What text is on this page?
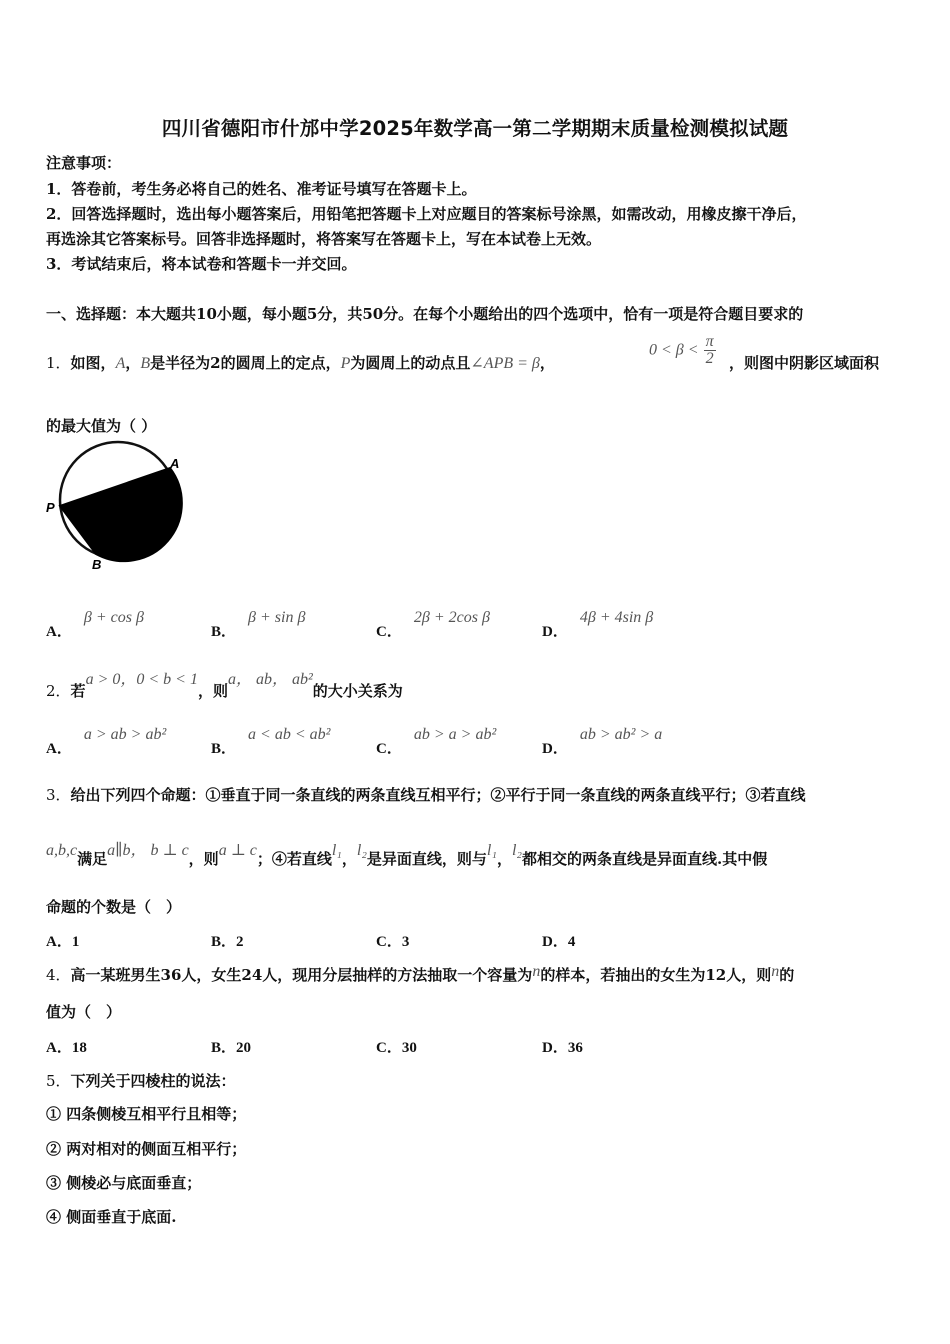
四川省德阳市什邡中学2025年数学高一第二学期期末质量检测模拟试题
注意事项：
1．答卷前，考生务必将自己的姓名、准考证号填写在答题卡上。
2．回答选择题时，选出每小题答案后，用铅笔把答题卡上对应题目的答案标号涂黑，如需改动，用橡皮擦干净后，
再选涂其它答案标号。回答非选择题时，将答案写在答题卡上，写在本试卷上无效。
3．考试结束后，将本试卷和答题卡一并交回。
一、选择题：本大题共10小题，每小题5分，共50分。在每个小题给出的四个选项中，恰有一项是符合题目要求的
1．如图，A，B是半径为2的圆周上的定点，P为圆周上的动点且∠APB = β，
$0 < \beta < \frac{\pi}{2}$ ，则图中阴影区域面积
的最大值为（ ）
A
P
B
A．β + cos β
B．β + sin β
C．2β + 2cos β
D．4β + 4sin β
2．若a > 0，0 < b < 1，则a， ab， ab²的大小关系为
A．a > ab > ab²
B．a < ab < ab²
C．ab > a > ab²
D．ab > ab² > a
3．给出下列四个命题：①垂直于同一条直线的两条直线互相平行；②平行于同一条直线的两条直线平行；③若直线
a,b,c满足a∥b， b ⊥ c，则a ⊥ c；④若直线l₁，l₂是异面直线，则与l₁，l₂都相交的两条直线是异面直线.其中假
命题的个数是（　）
A．1	B．2	C．3	D．4
4．高一某班男生36人，女生24人，现用分层抽样的方法抽取一个容量为n的样本，若抽出的女生为12人，则n的
值为（　）
A．18	B．20	C．30	D．36
5．下列关于四棱柱的说法：
① 四条侧棱互相平行且相等；
② 两对相对的侧面互相平行；
③ 侧棱必与底面垂直；
④ 侧面垂直于底面.
